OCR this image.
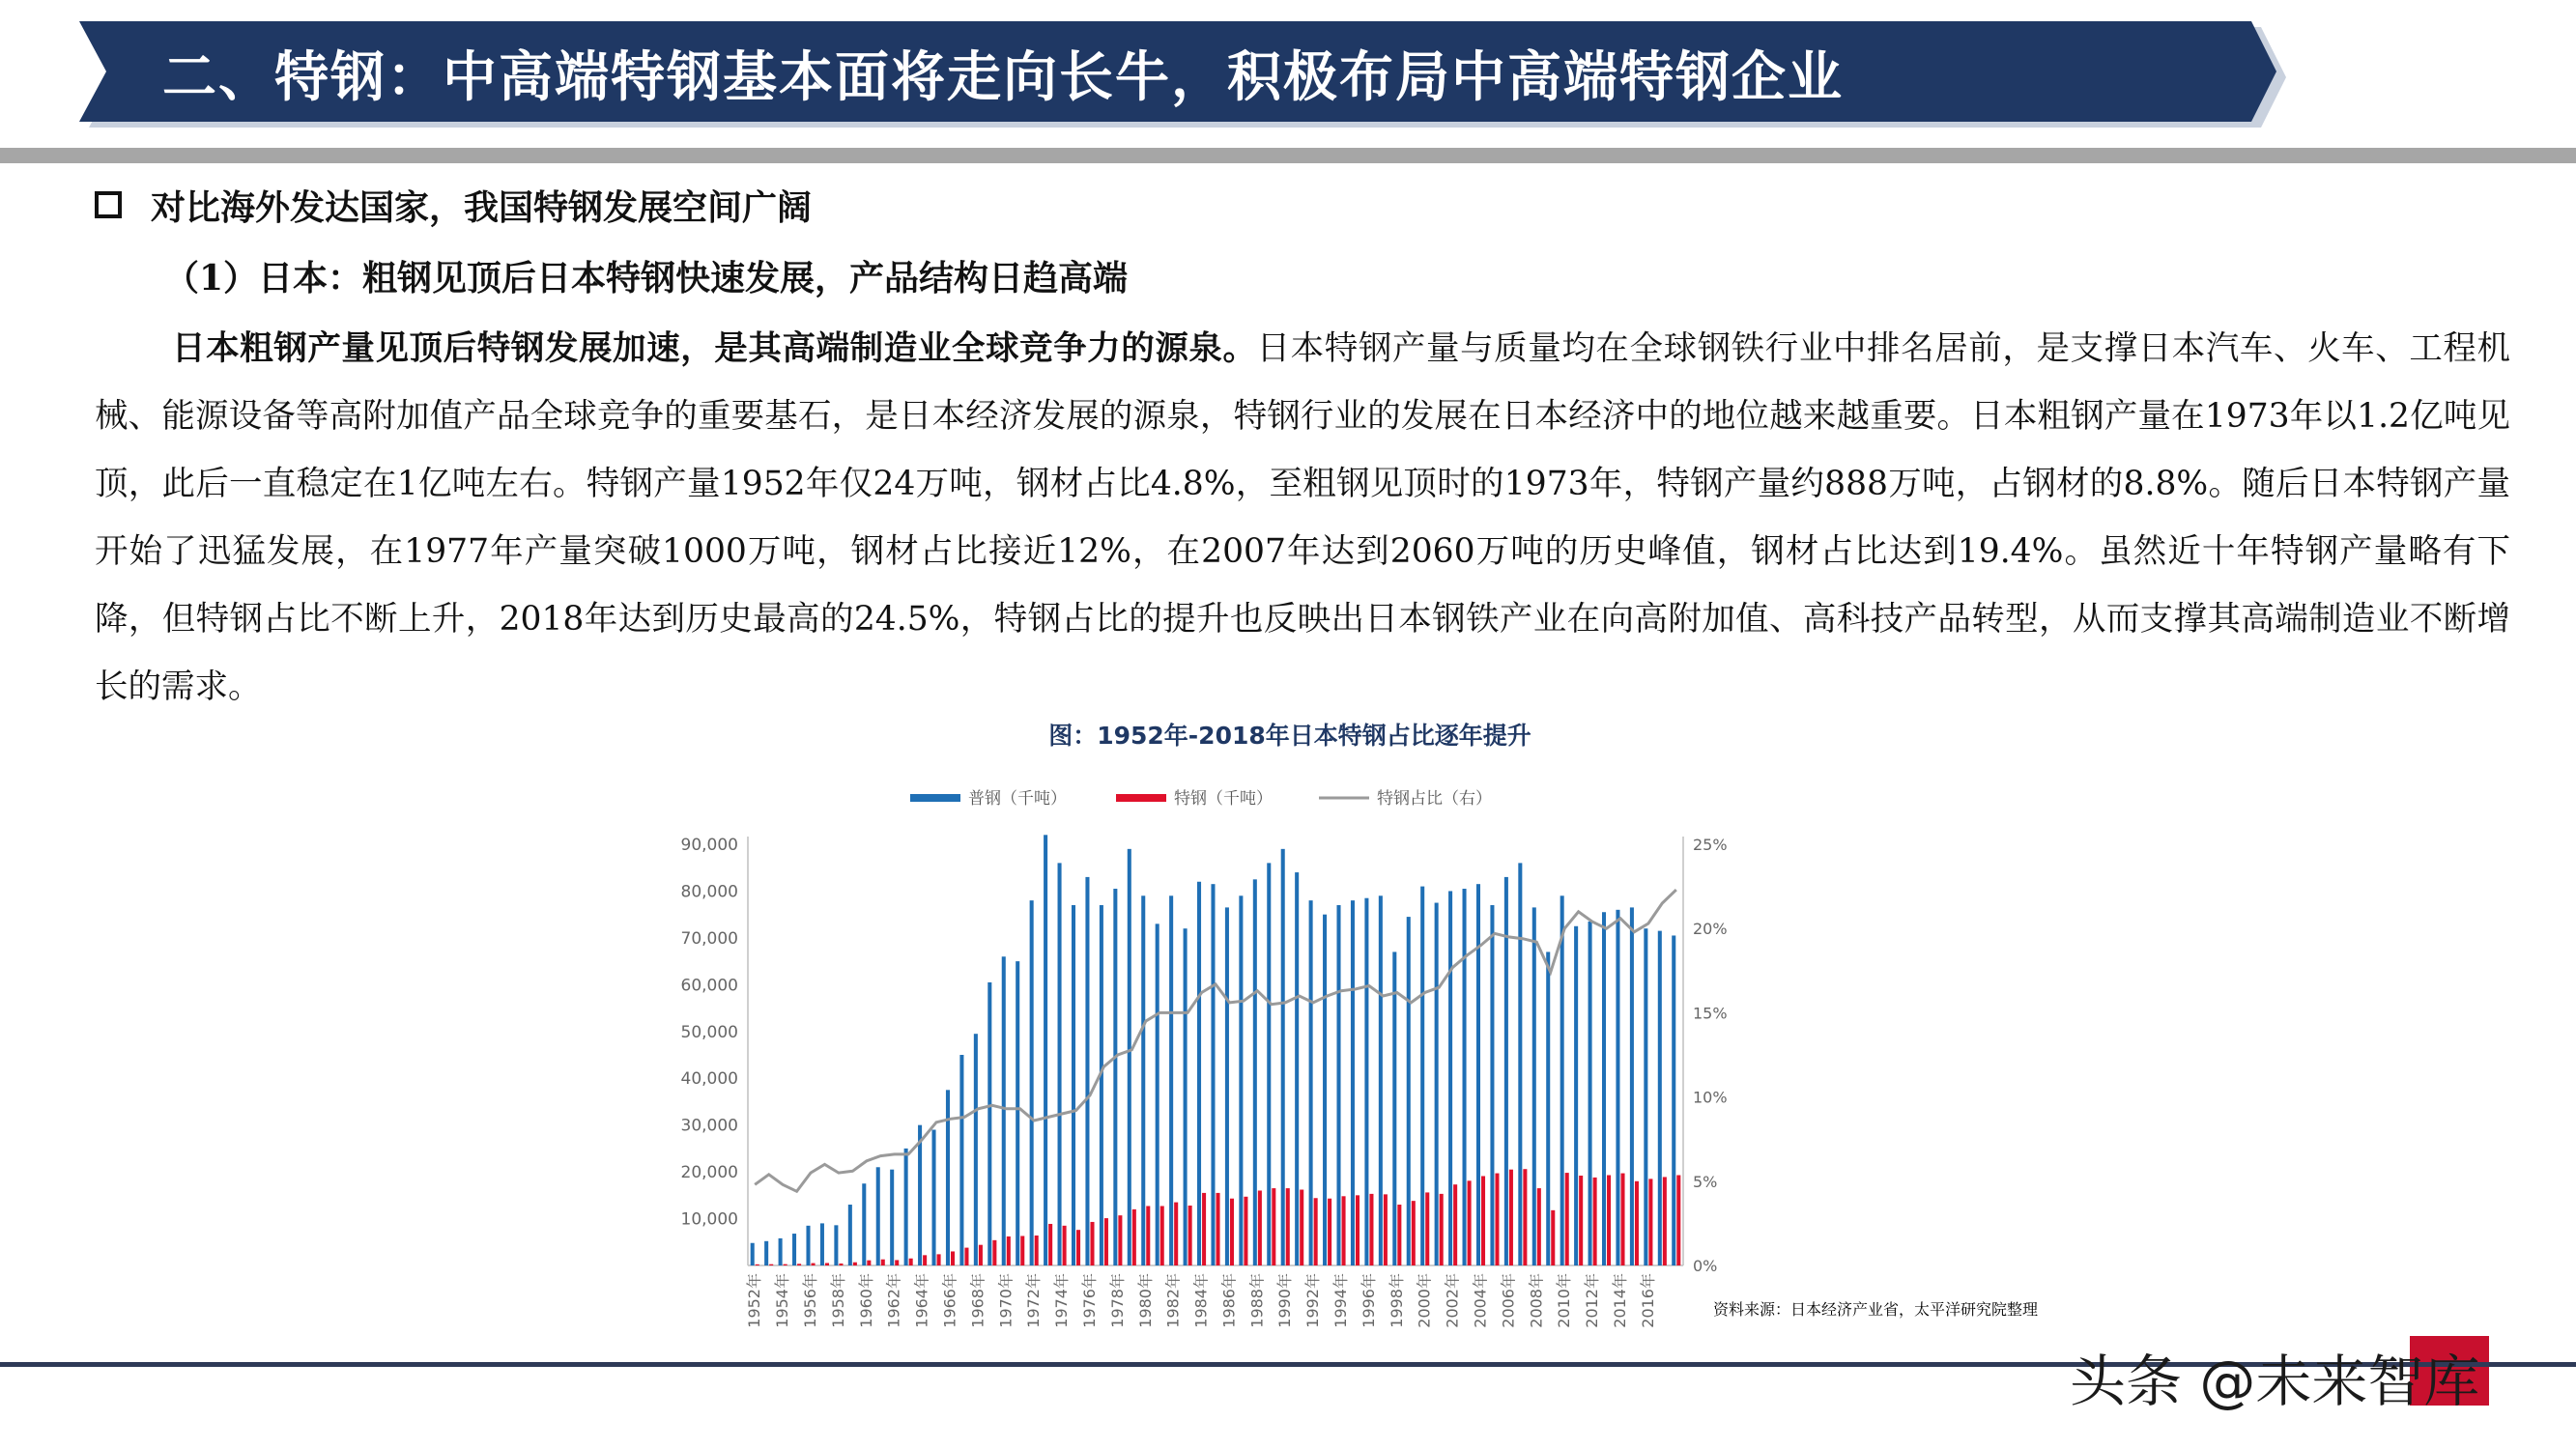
二、特钢：中高端特钢基本面将走向长牛，积极布局中高端特钢企业
对比海外发达国家，我国特钢发展空间广阔
（1）日本：粗钢见顶后日本特钢快速发展，产品结构日趋高端
日本粗钢产量见顶后特钢发展加速，是其高端制造业全球竞争力的源泉。日本特钢产量与质量均在全球钢铁行业中排名居前，是支撑日本汽车、火车、工程机械、能源设备等高附加值产品全球竞争的重要基石，是日本经济发展的源泉，特钢行业的发展在日本经济中的地位越来越重要。日本粗钢产量在1973年以1.2亿吨见顶，此后一直稳定在1亿吨左右。特钢产量1952年仅24万吨，钢材占比4.8%，至粗钢见顶时的1973年，特钢产量约888万吨，占钢材的8.8%。随后日本特钢产量开始了迅猛发展，在1977年产量突破1000万吨，钢材占比接近12%，在2007年达到2060万吨的历史峰值，钢材占比达到19.4%。虽然近十年特钢产量略有下降，但特钢占比不断上升，2018年达到历史最高的24.5%，特钢占比的提升也反映出日本钢铁产业在向高附加值、高科技产品转型，从而支撑其高端制造业不断增长的需求。
图：1952年-2018年日本特钢占比逐年提升
普钢（千吨）	特钢（千吨）	特钢占比（右）
10,000
20,000
30,000
40,000
50,000
60,000
70,000
80,000
90,000
0%
5%
10%
15%
20%
25%
1952年 1954年 1956年 1958年 1960年 1962年 1964年 1966年 1968年 1970年 1972年 1974年 1976年 1978年 1980年 1982年 1984年 1986年 1988年 1990年 1992年 1994年 1996年 1998年 2000年 2002年 2004年 2006年 2008年 2010年 2012年 2014年 2016年	资料来源：日本经济产业省，太平洋研究院整理
头条 @未来智库
